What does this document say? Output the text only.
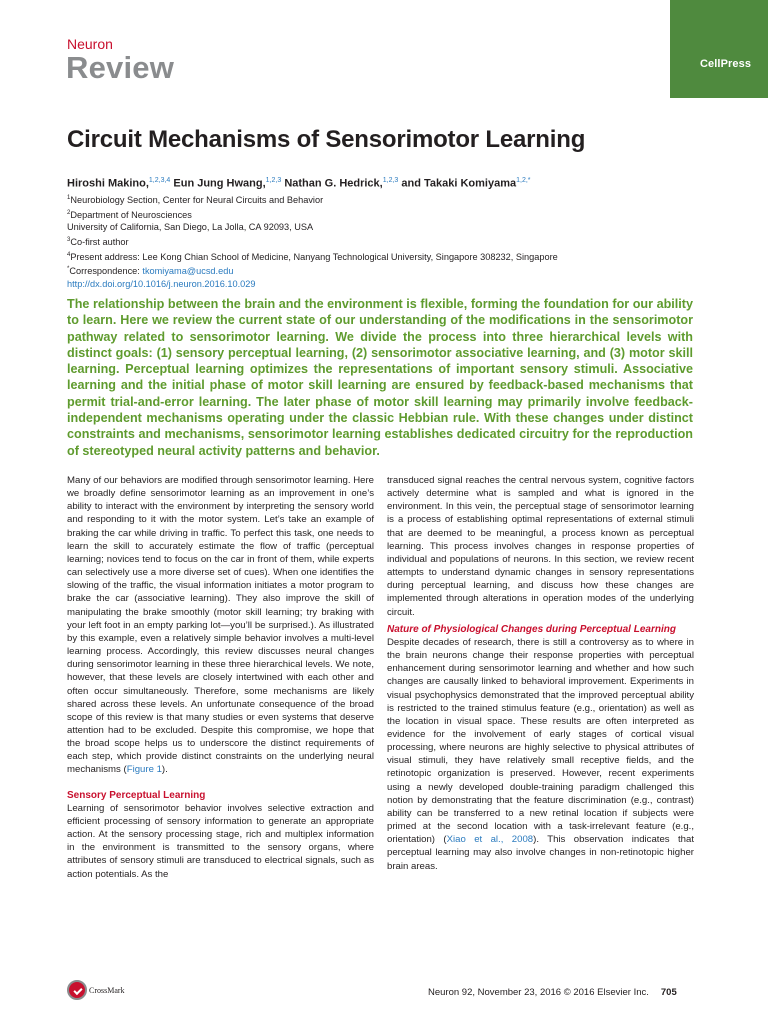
Neuron
Review	CellPress
Circuit Mechanisms of Sensorimotor Learning
Hiroshi Makino,$^{1,2,3,4}$ Eun Jung Hwang,$^{1,2,3}$ Nathan G. Hedrick,$^{1,2,3}$ and Takaki Komiyama$^{1,2,*}$
$^1$Neurobiology Section, Center for Neural Circuits and Behavior
$^2$Department of Neurosciences
University of California, San Diego, La Jolla, CA 92093, USA
$^3$Co-first author
$^4$Present address: Lee Kong Chian School of Medicine, Nanyang Technological University, Singapore 308232, Singapore
*Correspondence: tkomiyama@ucsd.edu
http://dx.doi.org/10.1016/j.neuron.2016.10.029

The relationship between the brain and the environment is flexible, forming the foundation for our ability to learn. Here we review the current state of our understanding of the modifications in the sensorimotor pathway related to sensorimotor learning. We divide the process into three hierarchical levels with distinct goals: (1) sensory perceptual learning, (2) sensorimotor associative learning, and (3) motor skill learning. Perceptual learning optimizes the representations of important sensory stimuli. Associative learning and the initial phase of motor skill learning are ensured by feedback-based mechanisms that permit trial-and-error learning. The later phase of motor skill learning may primarily involve feedback-independent mechanisms operating under the classic Hebbian rule. With these changes under distinct constraints and mechanisms, sensorimotor learning establishes dedicated circuitry for the reproduction of stereotyped neural activity patterns and behavior.

Many of our behaviors are modified through sensorimotor learning. Here we broadly define sensorimotor learning as an improvement in one’s ability to interact with the environment by interpreting the sensory world and responding to it with the motor system. Let’s take an example of braking the car while driving in traffic. To perfect this task, one needs to learn the skill to accurately estimate the flow of traffic (perceptual learning; novices tend to focus on the car in front of them, while experts can selectively use a more diverse set of cues). When one identifies the slowing of the traffic, the visual information initiates a motor program to brake the car (associative learning). They also improve the skill of manipulating the brake smoothly (motor skill learning; try braking with your left foot in an empty parking lot—you’ll be surprised.). As illustrated by this example, even a relatively simple behavior involves a multi-level learning process. Accordingly, this review discusses neural changes during sensorimotor learning in these three hierarchical levels. We note, however, that these levels are closely intertwined with each other and often occur simultaneously. Therefore, some mechanisms are likely shared across these levels. An unfortunate consequence of the broad scope of this review is that many studies or even systems that deserve attention had to be excluded. Despite this compromise, we hope that the broad scope helps us to underscore the distinct requirements of each step, which provide distinct constraints on the underlying neural mechanisms (Figure 1).

Sensory Perceptual Learning

Learning of sensorimotor behavior involves selective extraction and efficient processing of sensory information to generate an appropriate action. At the sensory processing stage, rich and multiplex information in the environment is transmitted to the sensory organs, where attributes of sensory stimuli are transduced to electrical signals, such as action potentials. As the

transduced signal reaches the central nervous system, cognitive factors actively determine what is sampled and what is ignored in the environment. In this vein, the perceptual stage of sensorimotor learning is a process of establishing optimal representations of external stimuli that are deemed to be meaningful, a process known as perceptual learning. This process involves changes in response properties of individual and populations of neurons. In this section, we review recent attempts to understand dynamic changes in sensory representations during perceptual learning, and discuss how these changes are implemented through alterations in operation modes of the underlying circuit.

Nature of Physiological Changes during Perceptual Learning

Despite decades of research, there is still a controversy as to where in the brain neurons change their response properties with perceptual enhancement during sensorimotor learning and whether and how such changes are causally linked to behavioral improvement. Experiments in visual psychophysics demonstrated that the improved perceptual ability is restricted to the trained stimulus feature (e.g., orientation) as well as the location in visual space. These results are often interpreted as evidence for the involvement of early stages of cortical visual processing, where neurons are highly selective to physical attributes of visual stimuli, they have relatively small receptive fields, and the retinotopic organization is preserved. However, recent experiments using a newly developed double-training paradigm challenged this notion by demonstrating that the feature discrimination (e.g., contrast) ability can be transferred to a new retinal location if subjects were primed at the second location with a task-irrelevant feature (e.g., orientation) (Xiao et al., 2008). This observation indicates that perceptual learning may also involve changes in non-retinotopic higher brain areas.

CrossMark	Neuron 92, November 23, 2016 © 2016 Elsevier Inc. 705
